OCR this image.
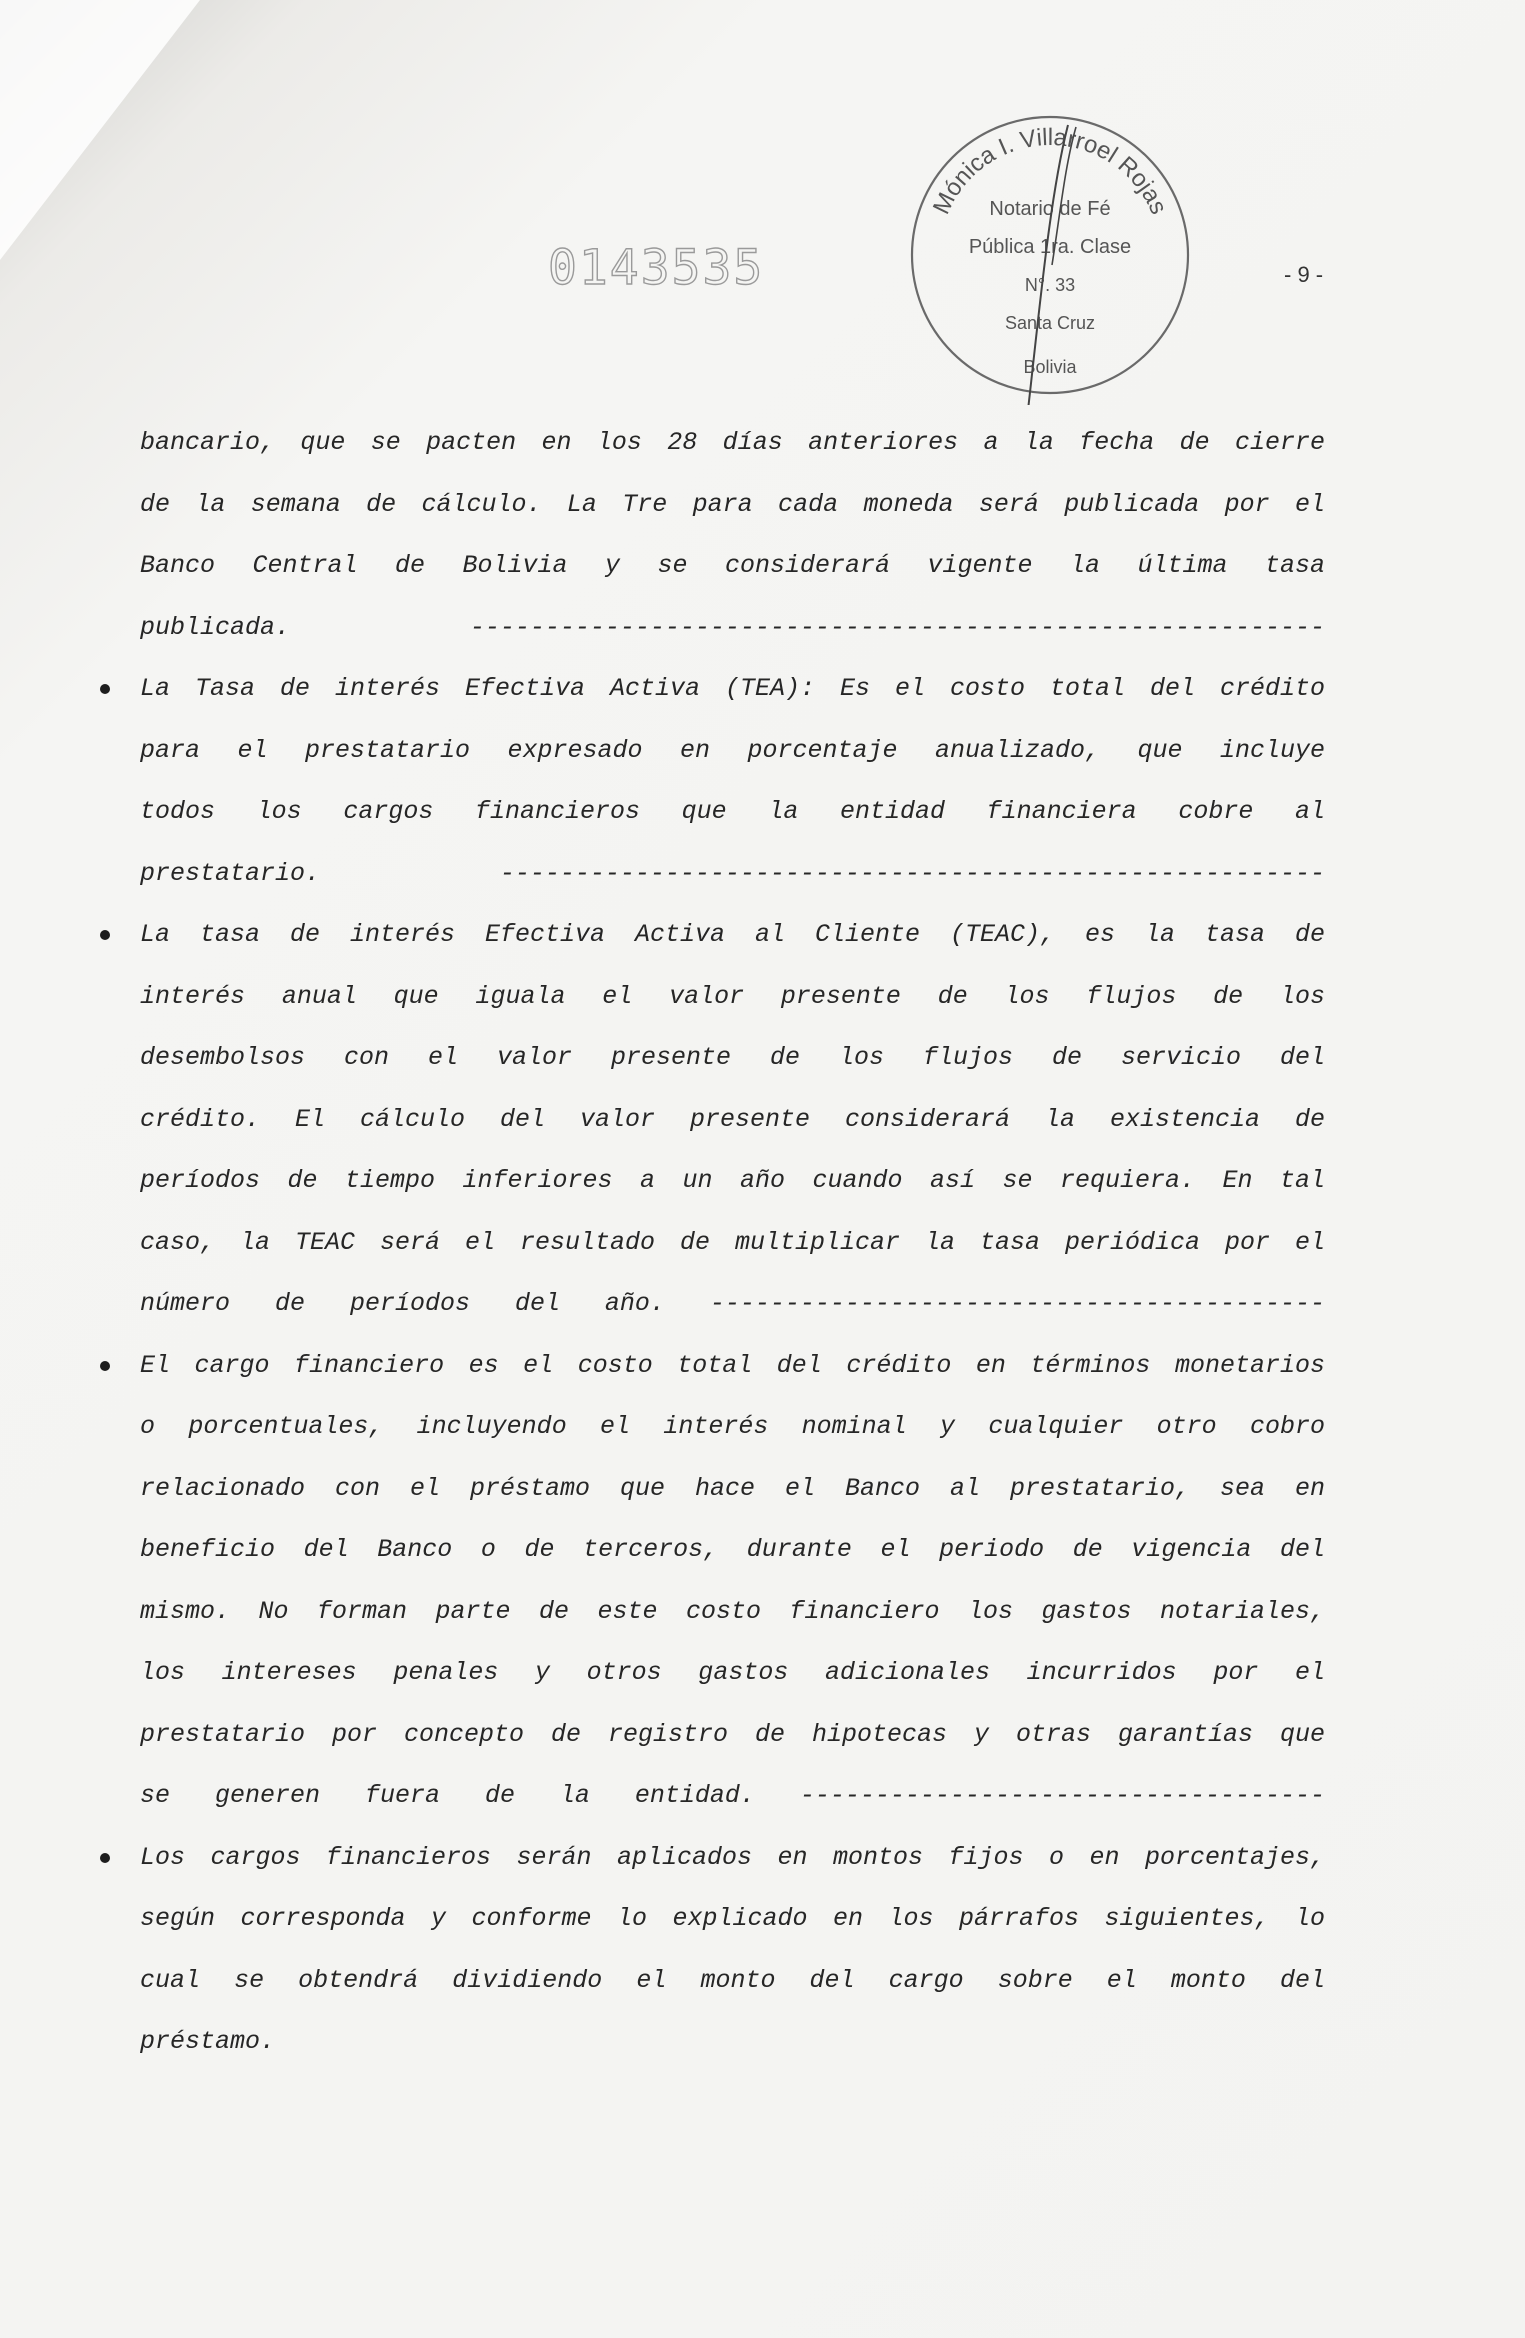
0143535	- 9 -
Mónica I. Villarroel Rojas
Notario de Fé
Pública 1ra. Clase
N°. 33
Santa Cruz
Bolivia
bancario, que se pacten en los 28 días anteriores a la fecha de cierre
de la semana de cálculo. La Tre para cada moneda será publicada por el
Banco Central de Bolivia y se considerará vigente la última tasa
publicada. ---------------------------------------------------------
La Tasa de interés Efectiva Activa (TEA): Es el costo total del crédito
para el prestatario expresado en porcentaje anualizado, que incluye
todos los cargos financieros que la entidad financiera cobre al
prestatario. -------------------------------------------------------
La tasa de interés Efectiva Activa al Cliente (TEAC), es la tasa de
interés anual que iguala el valor presente de los flujos de los
desembolsos con el valor presente de los flujos de servicio del
crédito. El cálculo del valor presente considerará la existencia de
períodos de tiempo inferiores a un año cuando así se requiera. En tal
caso, la TEAC será el resultado de multiplicar la tasa periódica por el
número de períodos del año. -----------------------------------------
El cargo financiero es el costo total del crédito en términos monetarios
o porcentuales, incluyendo el interés nominal y cualquier otro cobro
relacionado con el préstamo que hace el Banco al prestatario, sea en
beneficio del Banco o de terceros, durante el periodo de vigencia del
mismo. No forman parte de este costo financiero los gastos notariales,
los intereses penales y otros gastos adicionales incurridos por el
prestatario por concepto de registro de hipotecas y otras garantías que
se generen fuera de la entidad. -----------------------------------
Los cargos financieros serán aplicados en montos fijos o en porcentajes,
según corresponda y conforme lo explicado en los párrafos siguientes, lo
cual se obtendrá dividiendo el monto del cargo sobre el monto del
préstamo.
